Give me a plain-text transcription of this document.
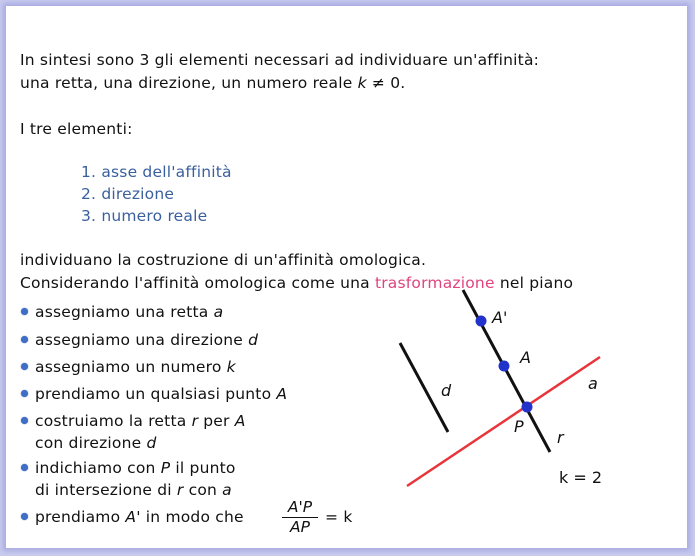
In sintesi sono 3 gli elementi necessari ad individuare un'affinità:
una retta, una direzione, un numero reale k ≠ 0.
I tre elementi:
1. asse dell'affinità
2. direzione
3. numero reale
individuano la costruzione di un'affinità omologica.
Considerando l'affinità omologica come una trasformazione nel piano
assegniamo una retta a
assegniamo una direzione d
assegniamo un numero k
prendiamo un qualsiasi punto A
costruiamo la retta r per A
con direzione d
indichiamo con P il punto
di intersezione di r con a
prendiamo A' in modo che
A'P
AP
= k
A'
A
P
a
d
r
k = 2
